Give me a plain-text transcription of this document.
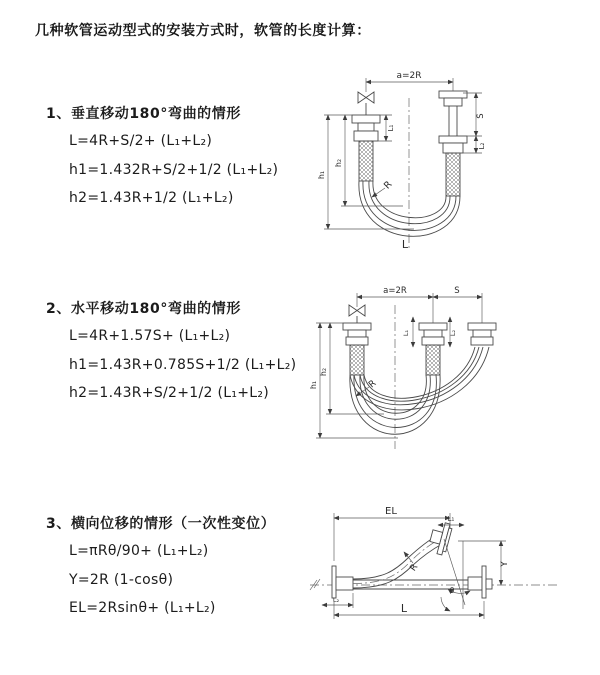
几种软管运动型式的安装方式时，软管的长度计算：
1、垂直移动180°弯曲的情形
L=4R+S/2+ (L₁+L₂)
h1=1.432R+S/2+1/2 (L₁+L₂)
h2=1.43R+1/2 (L₁+L₂)
2、水平移动180°弯曲的情形
L=4R+1.57S+ (L₁+L₂)
h1=1.43R+0.785S+1/2 (L₁+L₂)
h2=1.43R+S/2+1/2 (L₁+L₂)
3、横向位移的情形（一次性变位）
L=πRθ/90+ (L₁+L₂)
Y=2R (1-cosθ)
EL=2Rsinθ+ (L₁+L₂)
a=2R
L₁
h₂
h₁
S
L₂
R
L
a=2R	S
h₂
h₁
L₁	L₂
R
EL
L₁
Y
θ
R
L₂
L
